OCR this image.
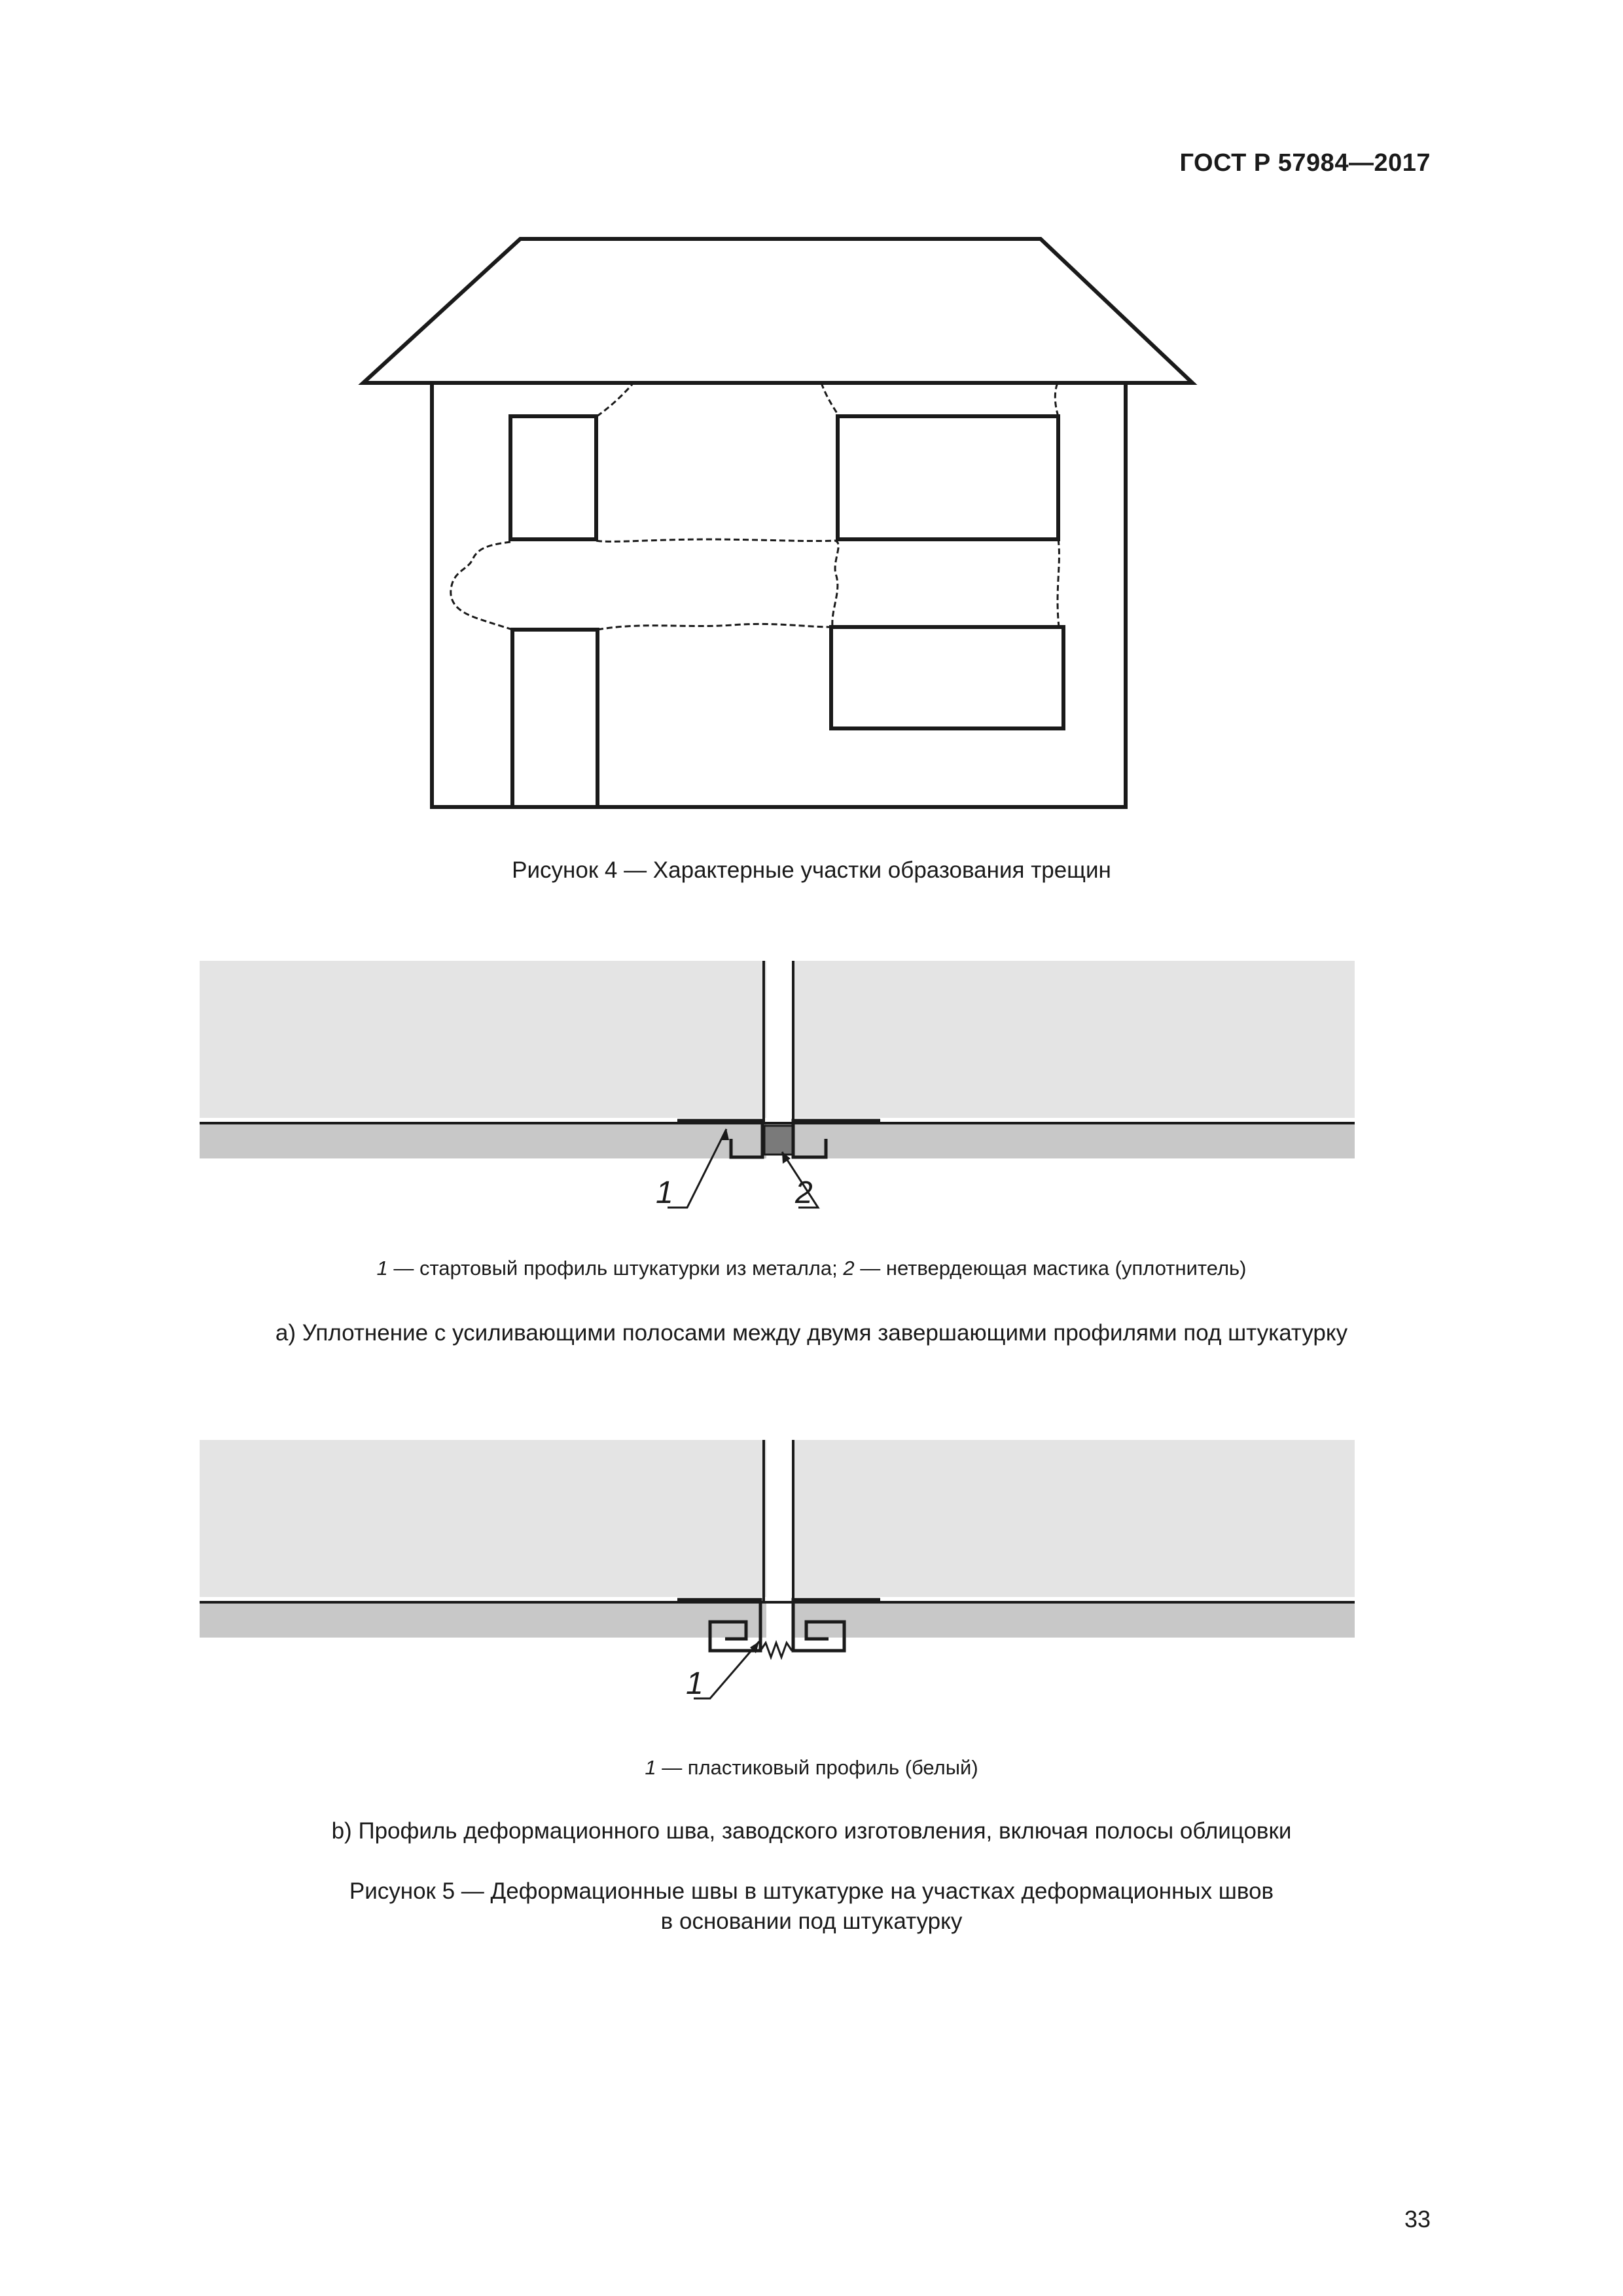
ГОСТ Р 57984—2017
Рисунок 4 — Характерные участки образования трещин
1	2
1 — стартовый профиль штукатурки из металла; 2 — нетвердеющая мастика (уплотнитель)
a) Уплотнение с усиливающими полосами между двумя завершающими профилями под штукатурку
1
1 — пластиковый профиль (белый)
b) Профиль деформационного шва, заводского изготовления, включая полосы облицовки
Рисунок 5 — Деформационные швы в штукатурке на участках деформационных швов
в основании под штукатурку
33
